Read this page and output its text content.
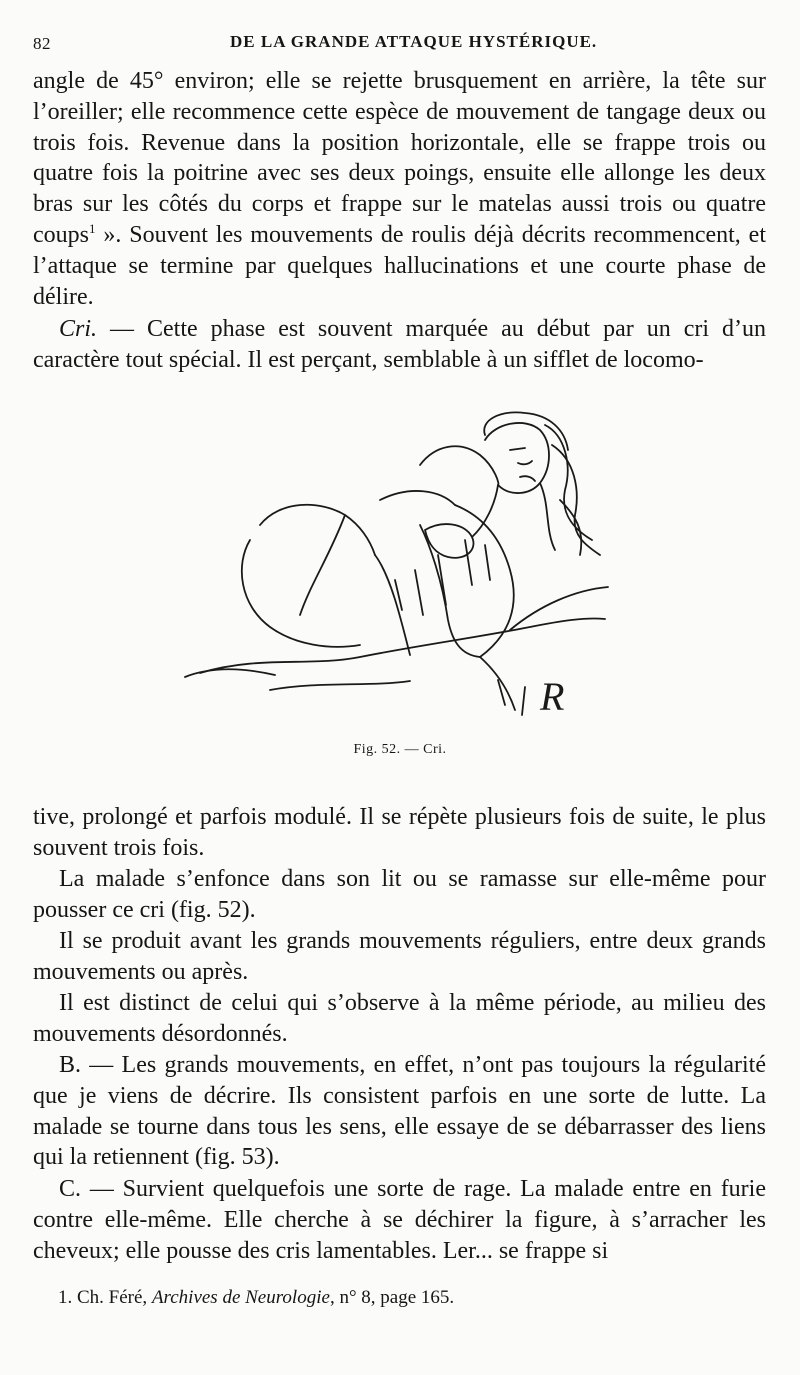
82	DE LA GRANDE ATTAQUE HYSTÉRIQUE.

angle de 45° environ; elle se rejette brusquement en arrière, la tête sur l’oreiller; elle recommence cette espèce de mouvement de tangage deux ou trois fois. Revenue dans la position horizontale, elle se frappe trois ou quatre fois la poitrine avec ses deux poings, ensuite elle allonge les deux bras sur les côtés du corps et frappe sur le matelas aussi trois ou quatre coups$^1$ ». Souvent les mouvements de roulis déjà décrits recommencent, et l’attaque se termine par quelques hallucinations et une courte phase de délire.

Cri. — Cette phase est souvent marquée au début par un cri d’un caractère tout spécial. Il est perçant, semblable à un sifflet de locomo-

R
Fig. 52. — Cri.

tive, prolongé et parfois modulé. Il se répète plusieurs fois de suite, le plus souvent trois fois.

La malade s’enfonce dans son lit ou se ramasse sur elle-même pour pousser ce cri (fig. 52).

Il se produit avant les grands mouvements réguliers, entre deux grands mouvements ou après.

Il est distinct de celui qui s’observe à la même période, au milieu des mouvements désordonnés.

B. — Les grands mouvements, en effet, n’ont pas toujours la régularité que je viens de décrire. Ils consistent parfois en une sorte de lutte. La malade se tourne dans tous les sens, elle essaye de se débarrasser des liens qui la retiennent (fig. 53).

C. — Survient quelquefois une sorte de rage. La malade entre en furie contre elle-même. Elle cherche à se déchirer la figure, à s’arracher les cheveux; elle pousse des cris lamentables. Ler... se frappe si

1. Ch. Féré, Archives de Neurologie, n° 8, page 165.
